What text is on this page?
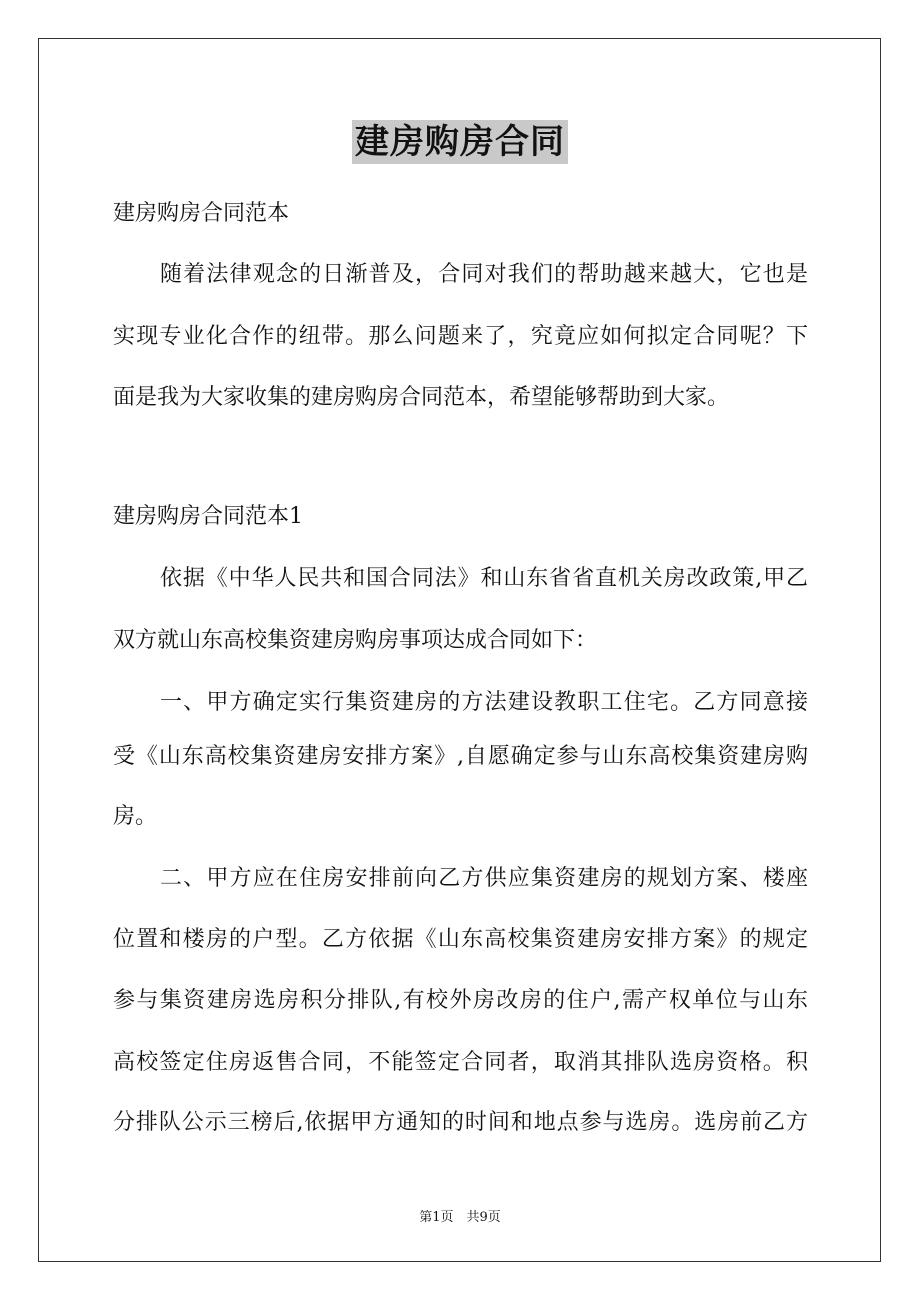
建房购房合同
建房购房合同范本
随着法律观念的日渐普及，合同对我们的帮助越来越大，它也是
实现专业化合作的纽带。那么问题来了，究竟应如何拟定合同呢？下
面是我为大家收集的建房购房合同范本，希望能够帮助到大家。
建房购房合同范本1
依据《中华人民共和国合同法》和山东省省直机关房改政策,甲乙
双方就山东高校集资建房购房事项达成合同如下：
一、甲方确定实行集资建房的方法建设教职工住宅。乙方同意接
受《山东高校集资建房安排方案》,自愿确定参与山东高校集资建房购
房。
二、甲方应在住房安排前向乙方供应集资建房的规划方案、楼座
位置和楼房的户型。乙方依据《山东高校集资建房安排方案》的规定
参与集资建房选房积分排队,有校外房改房的住户,需产权单位与山东
高校签定住房返售合同，不能签定合同者，取消其排队选房资格。积
分排队公示三榜后,依据甲方通知的时间和地点参与选房。选房前乙方
第1页　共9页
